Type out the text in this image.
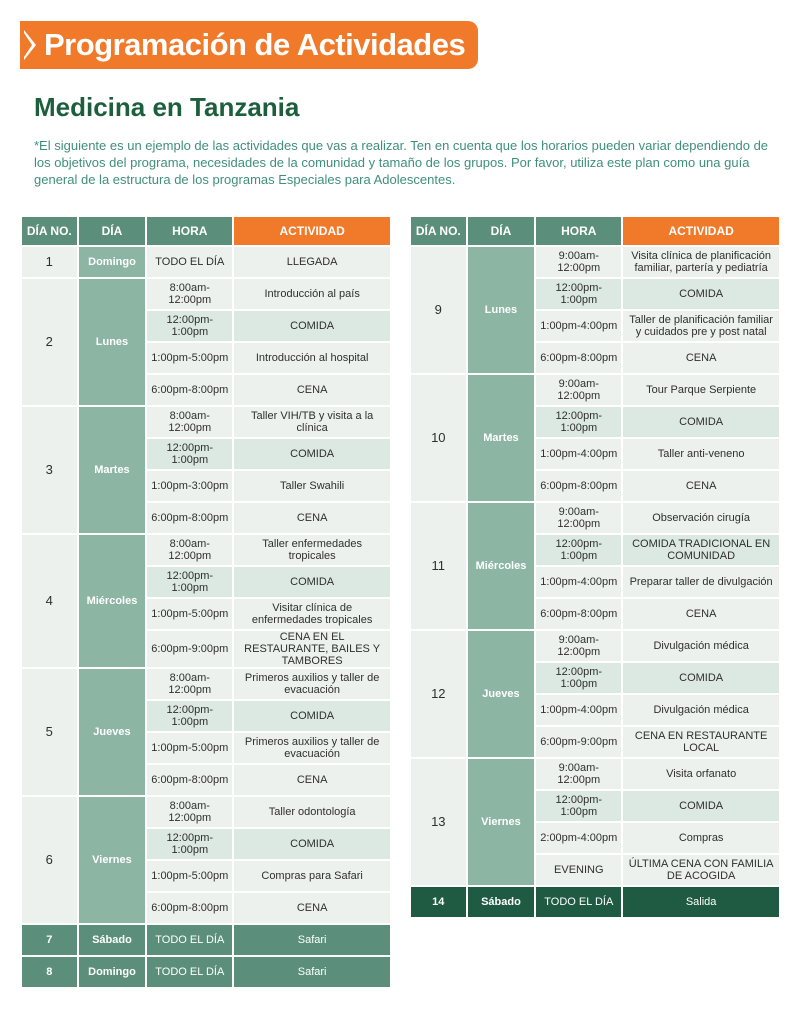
Programación de Actividades
Medicina en Tanzania
*El siguiente es un ejemplo de las actividades que vas a realizar. Ten en cuenta que los horarios pueden variar dependiendo de los objetivos del programa, necesidades de la comunidad y tamaño de los grupos. Por favor, utiliza este plan como una guía general de la estructura de los programas Especiales para Adolescentes.
DÍA NO.	DÍA	HORA	ACTIVIDAD
1	Domingo	TODO EL DÍA	LLEGADA
2	Lunes	8:00am-12:00pm	Introducción al país
		12:00pm-1:00pm	COMIDA
		1:00pm-5:00pm	Introducción al hospital
		6:00pm-8:00pm	CENA
3	Martes	8:00am-12:00pm	Taller VIH/TB y visita a la clínica
		12:00pm-1:00pm	COMIDA
		1:00pm-3:00pm	Taller Swahili
		6:00pm-8:00pm	CENA
4	Miércoles	8:00am-12:00pm	Taller enfermedades tropicales
		12:00pm-1:00pm	COMIDA
		1:00pm-5:00pm	Visitar clínica de enfermedades tropicales
		6:00pm-9:00pm	CENA EN EL RESTAURANTE, BAILES Y TAMBORES
5	Jueves	8:00am-12:00pm	Primeros auxilios y taller de evacuación
		12:00pm-1:00pm	COMIDA
		1:00pm-5:00pm	Primeros auxilios y taller de evacuación
		6:00pm-8:00pm	CENA
6	Viernes	8:00am-12:00pm	Taller odontología
		12:00pm-1:00pm	COMIDA
		1:00pm-5:00pm	Compras para Safari
		6:00pm-8:00pm	CENA
7	Sábado	TODO EL DÍA	Safari
8	Domingo	TODO EL DÍA	Safari
DÍA NO.	DÍA	HORA	ACTIVIDAD
9	Lunes	9:00am-12:00pm	Visita clínica de planificación familiar, partería y pediatría
		12:00pm-1:00pm	COMIDA
		1:00pm-4:00pm	Taller de planificación familiar y cuidados pre y post natal
		6:00pm-8:00pm	CENA
10	Martes	9:00am-12:00pm	Tour Parque Serpiente
		12:00pm-1:00pm	COMIDA
		1:00pm-4:00pm	Taller anti-veneno
		6:00pm-8:00pm	CENA
11	Miércoles	9:00am-12:00pm	Observación cirugía
		12:00pm-1:00pm	COMIDA TRADICIONAL EN COMUNIDAD
		1:00pm-4:00pm	Preparar taller de divulgación
		6:00pm-8:00pm	CENA
12	Jueves	9:00am-12:00pm	Divulgación médica
		12:00pm-1:00pm	COMIDA
		1:00pm-4:00pm	Divulgación médica
		6:00pm-9:00pm	CENA EN RESTAURANTE LOCAL
13	Viernes	9:00am-12:00pm	Visita orfanato
		12:00pm-1:00pm	COMIDA
		2:00pm-4:00pm	Compras
		EVENING	ÚLTIMA CENA CON FAMILIA DE ACOGIDA
14	Sábado	TODO EL DÍA	Salida
